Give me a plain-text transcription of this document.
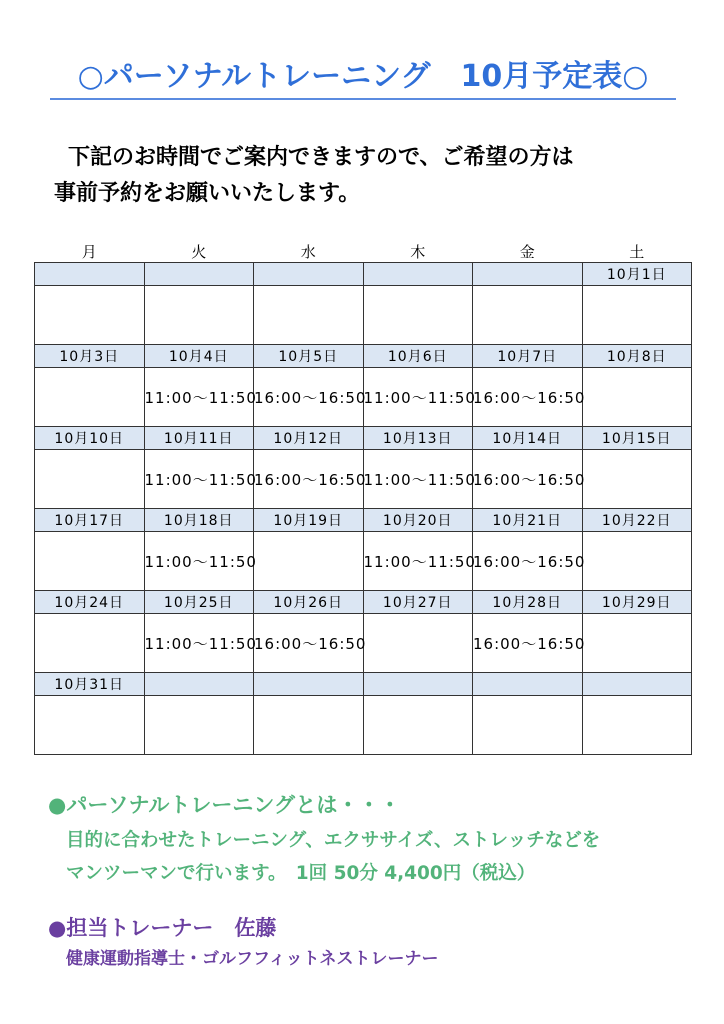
○パーソナルトレーニング　10月予定表○
下記のお時間でご案内できますので、ご希望の方は
事前予約をお願いいたします。
月	火	水	木	金	土
					10月1日

10月3日	10月4日	10月5日	10月6日	10月7日	10月8日
	11:00〜11:50	16:00〜16:50	11:00〜11:50	16:00〜16:50	
10月10日	10月11日	10月12日	10月13日	10月14日	10月15日
	11:00〜11:50	16:00〜16:50	11:00〜11:50	16:00〜16:50	
10月17日	10月18日	10月19日	10月20日	10月21日	10月22日
	11:00〜11:50		11:00〜11:50	16:00〜16:50	
10月24日	10月25日	10月26日	10月27日	10月28日	10月29日
	11:00〜11:50	16:00〜16:50		16:00〜16:50	
10月31日					

●パーソナルトレーニングとは・・・
目的に合わせたトレーニング、エクササイズ、ストレッチなどを
マンツーマンで行います。　1回 50分 4,400円（税込）
●担当トレーナー　佐藤
健康運動指導士・ゴルフフィットネストレーナー
